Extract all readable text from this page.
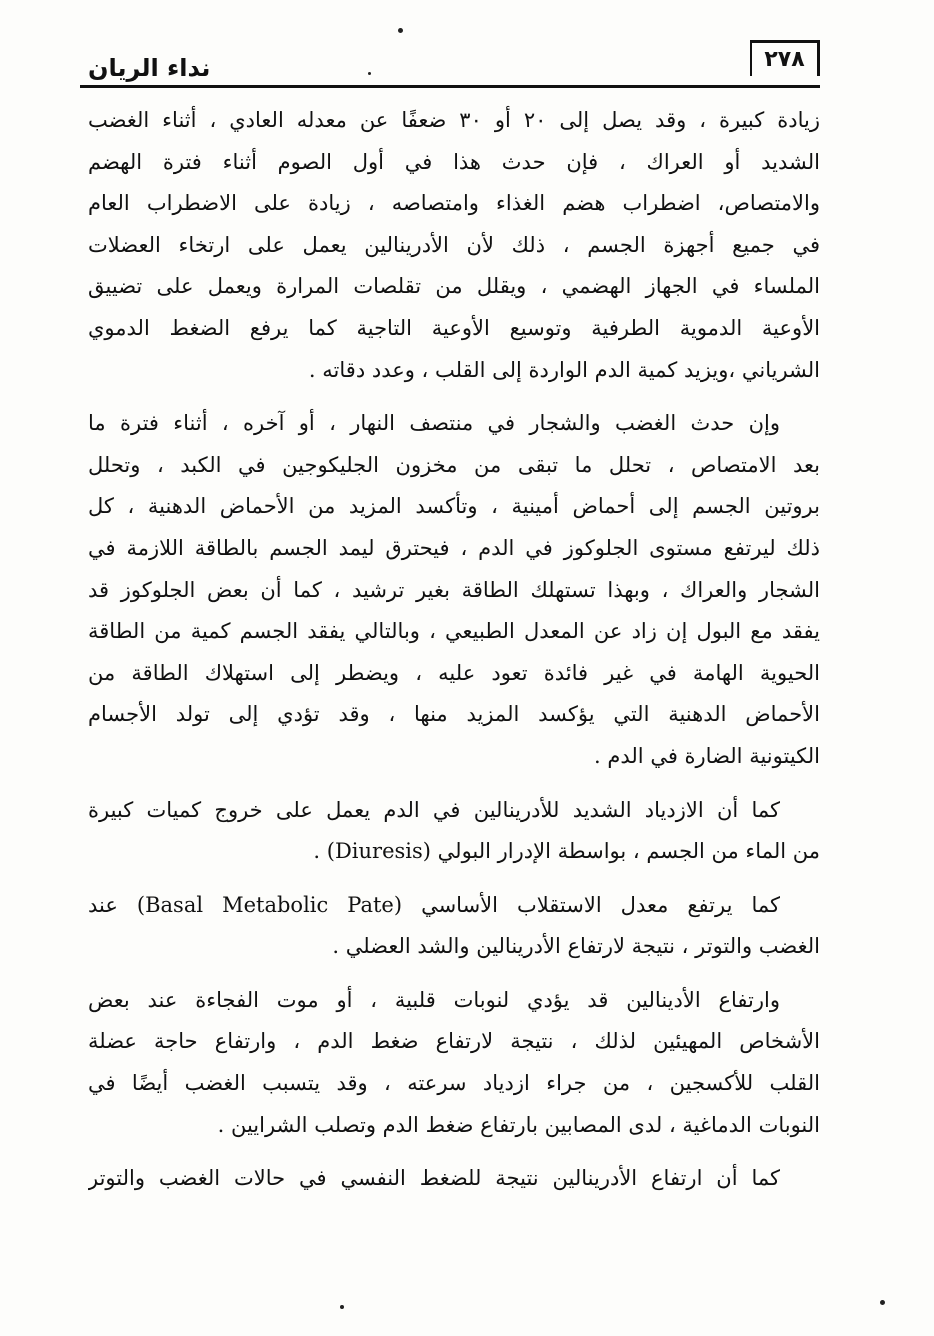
نداء الريان	٢٧٨
زيادة كبيرة ، وقد يصل إلى ٢٠ أو ٣٠ ضعفًا عن معدله العادي ، أثناء الغضب
الشديد أو العراك ، فإن حدث هذا في أول الصوم أثناء فترة الهضم
والامتصاص، اضطراب هضم الغذاء وامتصاصه ، زيادة على الاضطراب العام
في جميع أجهزة الجسم ، ذلك لأن الأدرينالين يعمل على ارتخاء العضلات
الملساء في الجهاز الهضمي ، ويقلل من تقلصات المرارة ويعمل على تضييق
الأوعية الدموية الطرفية وتوسيع الأوعية التاجية كما يرفع الضغط الدموي
الشرياني ،ويزيد كمية الدم الواردة إلى القلب ، وعدد دقاته .
وإن حدث الغضب والشجار في منتصف النهار ، أو آخره ، أثناء فترة ما
بعد الامتصاص ، تحلل ما تبقى من مخزون الجليكوجين في الكبد ، وتحلل
بروتين الجسم إلى أحماض أمينية ، وتأكسد المزيد من الأحماض الدهنية ، كل
ذلك ليرتفع مستوى الجلوكوز في الدم ، فيحترق ليمد الجسم بالطاقة اللازمة في
الشجار والعراك ، وبهذا تستهلك الطاقة بغير ترشيد ، كما أن بعض الجلوكوز قد
يفقد مع البول إن زاد عن المعدل الطبيعي ، وبالتالي يفقد الجسم كمية من الطاقة
الحيوية الهامة في غير فائدة تعود عليه ، ويضطر إلى استهلاك الطاقة من
الأحماض الدهنية التي يؤكسد المزيد منها ، وقد تؤدي إلى تولد الأجسام
الكيتونية الضارة في الدم .
كما أن الازدياد الشديد للأدرينالين في الدم يعمل على خروج كميات كبيرة
من الماء من الجسم ، بواسطة الإدرار البولي (Diuresis) .
كما يرتفع معدل الاستقلاب الأساسي (Basal Metabolic Pate) عند
الغضب والتوتر ، نتيجة لارتفاع الأدرينالين والشد العضلي .
وارتفاع الأدينالين قد يؤدي لنوبات قلبية ، أو موت الفجاءة عند بعض
الأشخاص المهيئين لذلك ، نتيجة لارتفاع ضغط الدم ، وارتفاع حاجة عضلة
القلب للأكسجين ، من جراء ازدياد سرعته ، وقد يتسبب الغضب أيضًا في
النوبات الدماغية ، لدى المصابين بارتفاع ضغط الدم وتصلب الشرايين .
كما أن ارتفاع الأدرينالين نتيجة للضغط النفسي في حالات الغضب والتوتر
